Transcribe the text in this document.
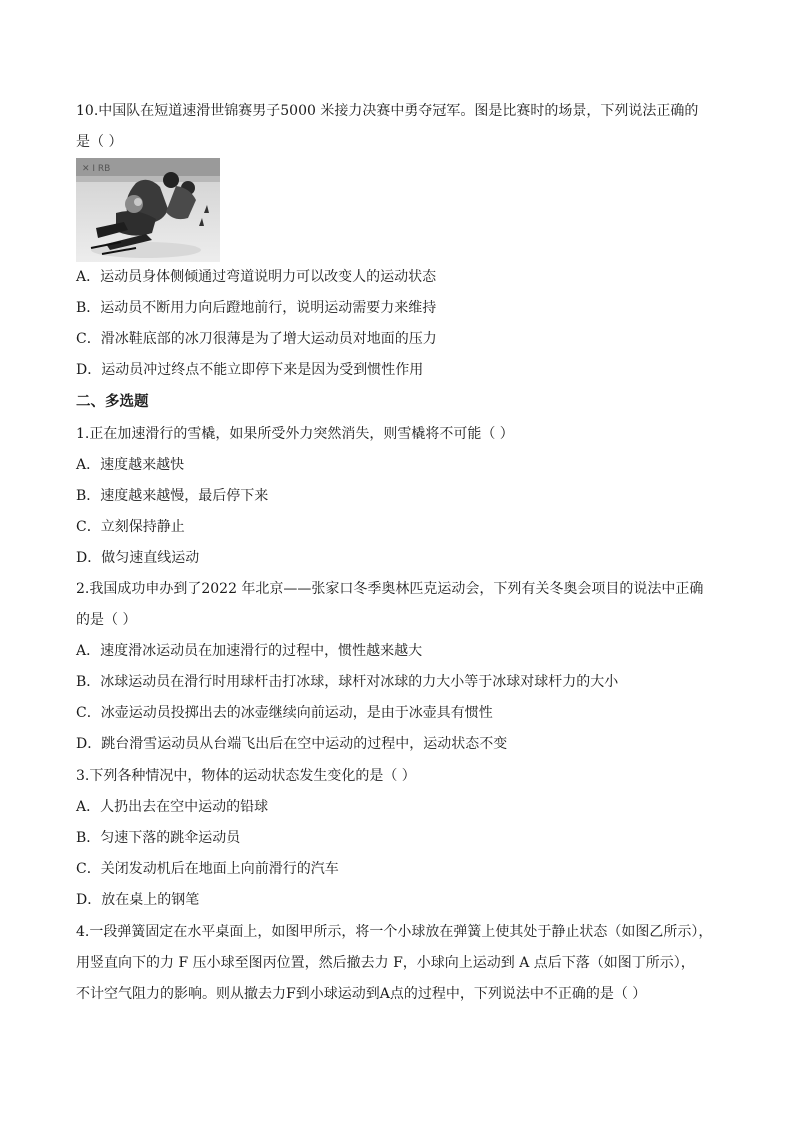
10.中国队在短道速滑世锦赛男子5000 米接力决赛中勇夺冠军。图是比赛时的场景，下列说法正确的
是（ ）
✕ I RB
A．运动员身体侧倾通过弯道说明力可以改变人的运动状态
B．运动员不断用力向后蹬地前行，说明运动需要力来维持
C．滑冰鞋底部的冰刀很薄是为了增大运动员对地面的压力
D．运动员冲过终点不能立即停下来是因为受到惯性作用
二、多选题
1.正在加速滑行的雪橇，如果所受外力突然消失，则雪橇将不可能（ ）
A．速度越来越快
B．速度越来越慢，最后停下来
C．立刻保持静止
D．做匀速直线运动
2.我国成功申办到了2022 年北京——张家口冬季奥林匹克运动会，下列有关冬奥会项目的说法中正确
的是（ ）
A．速度滑冰运动员在加速滑行的过程中，惯性越来越大
B．冰球运动员在滑行时用球杆击打冰球，球杆对冰球的力大小等于冰球对球杆力的大小
C．冰壶运动员投掷出去的冰壶继续向前运动，是由于冰壶具有惯性
D．跳台滑雪运动员从台端飞出后在空中运动的过程中，运动状态不变
3.下列各种情况中，物体的运动状态发生变化的是（ ）
A．人扔出去在空中运动的铅球
B．匀速下落的跳伞运动员
C．关闭发动机后在地面上向前滑行的汽车
D．放在桌上的钢笔
4.一段弹簧固定在水平桌面上，如图甲所示，将一个小球放在弹簧上使其处于静止状态（如图乙所示），
用竖直向下的力 F 压小球至图丙位置，然后撤去力 F，小球向上运动到 A 点后下落（如图丁所示），
不计空气阻力的影响。则从撤去力F到小球运动到A点的过程中，下列说法中不正确的是（ ）
